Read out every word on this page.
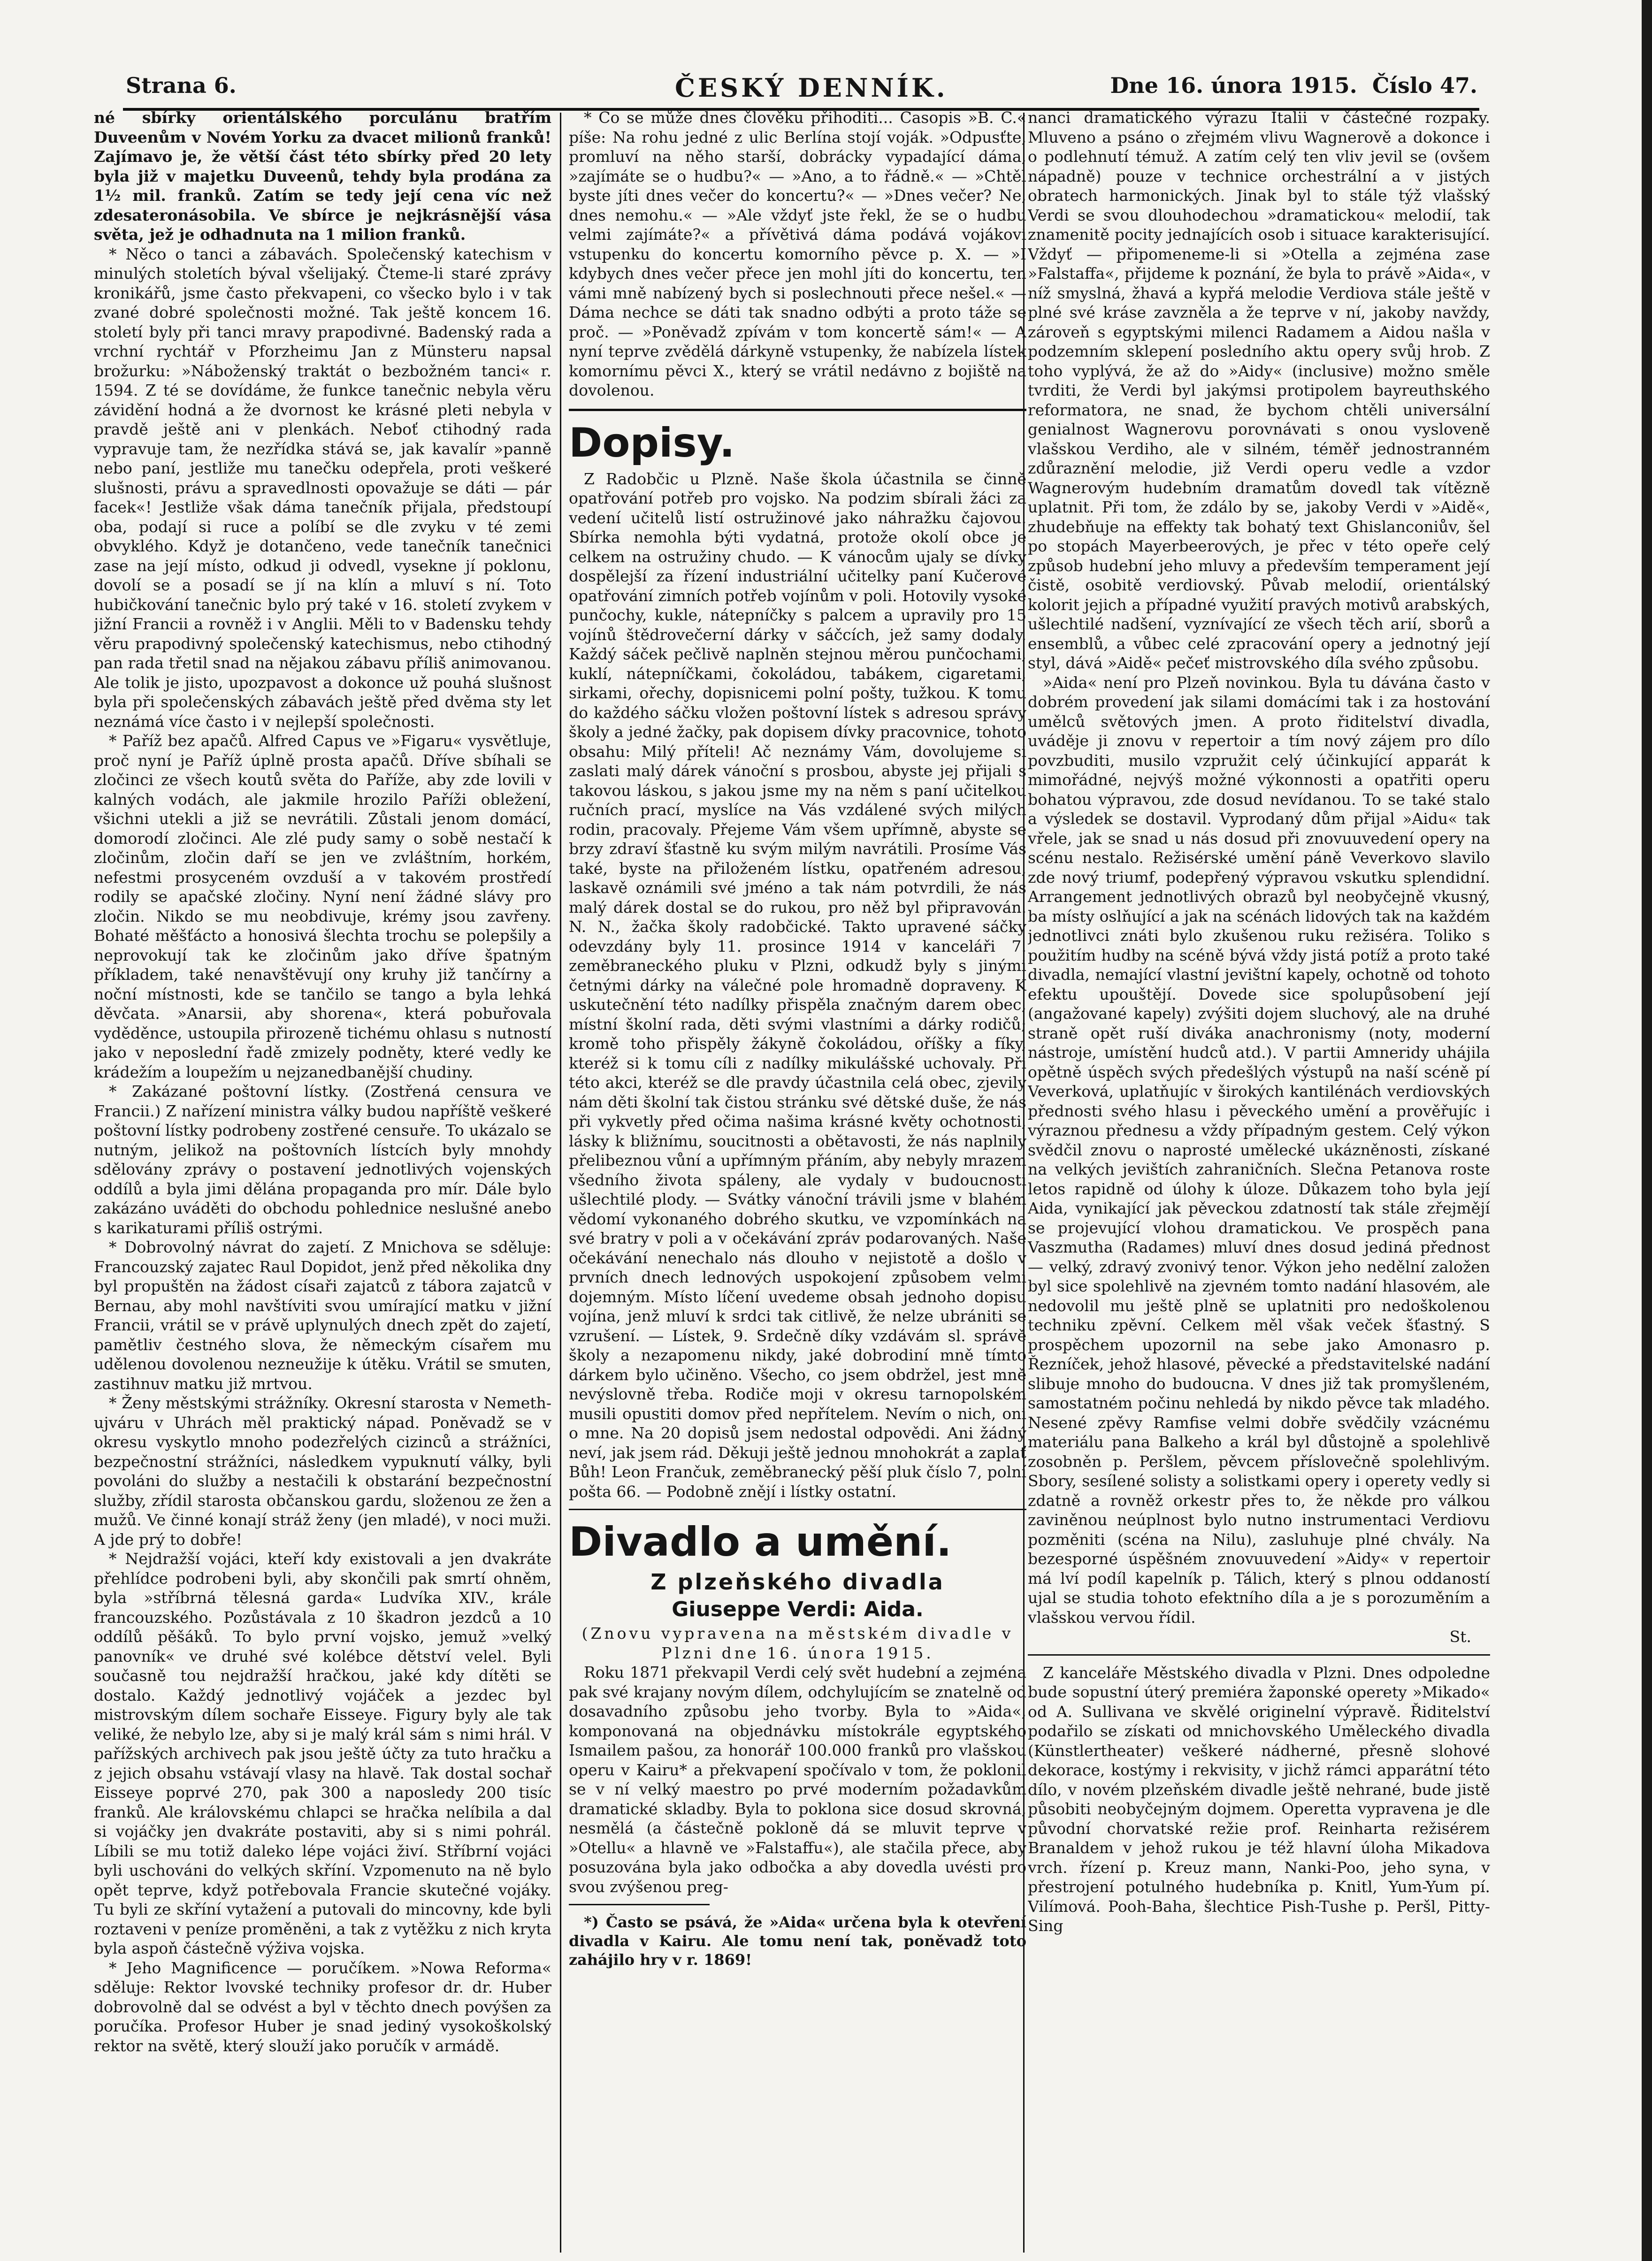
Strana 6.	ČESKÝ DENNÍK.	Dne 16. února 1915. Číslo 47.

né sbírky orientálského porculánu bratřím Duveenům v Novém Yorku za dvacet milionů franků! Zajímavo je, že větší část této sbírky před 20 lety byla již v majetku Duveenů, tehdy byla prodána za 1½ mil. franků. Zatím se tedy její cena víc než zdesateronásobila. Ve sbírce je nejkrásnější vása světa, jež je odhadnuta na 1 milion franků.

* Něco o tanci a zábavách. Společenský katechism v minulých stoletích býval všelijaký. Čteme-li staré zprávy kronikářů, jsme často překvapeni, co všecko bylo i v tak zvané dobré společnosti možné. Tak ještě koncem 16. století byly při tanci mravy prapodivné. Badenský rada a vrchní rychtář v Pforzheimu Jan z Münsteru napsal brožurku: »Náboženský traktát o bezbožném tanci« r. 1594. Z té se dovídáme, že funkce tanečnic nebyla věru závidění hodná a že dvornost ke krásné pleti nebyla v pravdě ještě ani v plenkách. Neboť ctihodný rada vypravuje tam, že nezřídka stává se, jak kavalír »panně nebo paní, jestliže mu tanečku odepřela, proti veškeré slušnosti, právu a spravedlnosti opovažuje se dáti — pár facek«! Jestliže však dáma tanečník přijala, předstoupí oba, podají si ruce a políbí se dle zvyku v té zemi obvyklého. Když je dotančeno, vede tanečník tanečnici zase na její místo, odkud ji odvedl, vysekne jí poklonu, dovolí se a posadí se jí na klín a mluví s ní. Toto hubičkování tanečnic bylo prý také v 16. století zvykem v jižní Francii a rovněž i v Anglii. Měli to v Badensku tehdy věru prapodivný společenský katechismus, nebo ctihodný pan rada třetil snad na nějakou zábavu příliš animovanou. Ale tolik je jisto, upozpavost a dokonce už pouhá slušnost byla při společenských zábavách ještě před dvěma sty let neznámá více často i v nejlepší společnosti.

* Paříž bez apačů. Alfred Capus ve »Figaru« vysvětluje, proč nyní je Paříž úplně prosta apačů. Dříve sbíhali se zločinci ze všech koutů světa do Paříže, aby zde lovili v kalných vodách, ale jakmile hrozilo Paříži obležení, všichni utekli a již se nevrátili. Zůstali jenom domácí, domorodí zločinci. Ale zlé pudy samy o sobě nestačí k zločinům, zločin daří se jen ve zvláštním, horkém, nefestmi prosyceném ovzduší a v takovém prostředí rodily se apačské zločiny. Nyní není žádné slávy pro zločin. Nikdo se mu neobdivuje, krémy jsou zavřeny. Bohaté měšťácto a honosivá šlechta trochu se polepšily a neprovokují tak ke zločinům jako dříve špatným příkladem, také nenavštěvují ony kruhy již tančírny a noční místnosti, kde se tančilo se tango a byla lehká děvčata. »Anarsii, aby shorena«, která pobuřovala vyděděnce, ustoupila přirozeně tichému ohlasu s nutností jako v neposlední řadě zmizely podněty, které vedly ke krádežím a loupežím u nejzanedbanější chudiny.

* Zakázané poštovní lístky. (Zostřená censura ve Francii.) Z nařízení ministra války budou napříště veškeré poštovní lístky podrobeny zostřené censuře. To ukázalo se nutným, jelikož na poštovních lístcích byly mnohdy sdělovány zprávy o postavení jednotlivých vojenských oddílů a byla jimi dělána propaganda pro mír. Dále bylo zakázáno uváděti do obchodu pohlednice neslušné anebo s karikaturami příliš ostrými.

* Dobrovolný návrat do zajetí. Z Mnichova se sděluje: Francouzský zajatec Raul Dopidot, jenž před několika dny byl propuštěn na žádost císaři zajatců z tábora zajatců v Bernau, aby mohl navštíviti svou umírající matku v jižní Francii, vrátil se v právě uplynulých dnech zpět do zajetí, pamětliv čestného slova, že německým císařem mu udělenou dovolenou nezneužije k útěku. Vrátil se smuten, zastihnuv matku již mrtvou.

* Ženy městskými strážníky. Okresní starosta v Nemeth-ujváru v Uhrách měl praktický nápad. Poněvadž se v okresu vyskytlo mnoho podezřelých cizinců a strážníci, bezpečnostní strážníci, následkem vypuknutí války, byli povoláni do služby a nestačili k obstarání bezpečnostní služby, zřídil starosta občanskou gardu, složenou ze žen a mužů. Ve činné konají stráž ženy (jen mladé), v noci muži. A jde prý to dobře!

* Nejdražší vojáci, kteří kdy existovali a jen dvakráte přehlídce podrobeni byli, aby skončili pak smrtí ohněm, byla »stříbrná tělesná garda« Ludvíka XIV., krále francouzského. Pozůstávala z 10 škadron jezdců a 10 oddílů pěšáků. To bylo první vojsko, jemuž »velký panovník« ve druhé své kolébce dětství velel. Byli současně tou nejdražší hračkou, jaké kdy dítěti se dostalo. Každý jednotlivý vojáček a jezdec byl mistrovským dílem sochaře Eisseye. Figury byly ale tak veliké, že nebylo lze, aby si je malý král sám s nimi hrál. V pařížských archivech pak jsou ještě účty za tuto hračku a z jejich obsahu vstávají vlasy na hlavě. Tak dostal sochař Eisseye poprvé 270, pak 300 a naposledy 200 tisíc franků. Ale královskému chlapci se hračka nelíbila a dal si vojáčky jen dvakráte postaviti, aby si s nimi pohrál. Líbili se mu totiž daleko lépe vojáci živí. Stříbrní vojáci byli uschováni do velkých skříní. Vzpomenuto na ně bylo opět teprve, když potřebovala Francie skutečné vojáky. Tu byli ze skříní vytažení a putovali do mincovny, kde byli roztaveni v peníze proměněni, a tak z vytěžku z nich kryta byla aspoň částečně výživa vojska.

* Jeho Magnificence — poručíkem. »Nowa Reforma« sděluje: Rektor lvovské techniky profesor dr. dr. Huber dobrovolně dal se odvést a byl v těchto dnech povýšen za poručíka. Profesor Huber je snad jediný vysokoškolský rektor na světě, který slouží jako poručík v armádě.

* Co se může dnes člověku přihoditi... Časopis »B. C.« píše: Na rohu jedné z ulic Berlína stojí voják. »Odpusťte, promluví na něho starší, dobrácky vypadající dáma, »zajímáte se o hudbu?« — »Ano, a to řádně.« — »Chtěl byste jíti dnes večer do koncertu?« — »Dnes večer? Ne, dnes nemohu.« — »Ale vždyť jste řekl, že se o hudbu velmi zajímáte?« a přívětivá dáma podává vojákovi vstupenku do koncertu komorního pěvce p. X. — »I kdybych dnes večer přece jen mohl jíti do koncertu, ten vámi mně nabízený bych si poslechnouti přece nešel.« — Dáma nechce se dáti tak snadno odbýti a proto táže se proč. — »Poněvadž zpívám v tom koncertě sám!« — A nyní teprve zvědělá dárkyně vstupenky, že nabízela lístek komornímu pěvci X., který se vrátil nedávno z bojiště na dovolenou.

Dopisy.

Z Radobčic u Plzně. Naše škola účastnila se činně opatřování potřeb pro vojsko. Na podzim sbírali žáci za vedení učitelů listí ostružinové jako náhražku čajovou. Sbírka nemohla býti vydatná, protože okolí obce je celkem na ostružiny chudo. — K vánocům ujaly se dívky dospělejší za řízení industriální učitelky paní Kučerové opatřování zimních potřeb vojínům v poli. Hotovily vysoké punčochy, kukle, nátepníčky s palcem a upravily pro 15 vojínů štědrovečerní dárky v sáčcích, jež samy dodaly. Každý sáček pečlivě naplněn stejnou měrou punčochami, kuklí, nátepníčkami, čokoládou, tabákem, cigaretami, sirkami, ořechy, dopisnicemi polní pošty, tužkou. K tomu do každého sáčku vložen poštovní lístek s adresou správy školy a jedné žačky, pak dopisem dívky pracovnice, tohoto obsahu: Milý příteli! Ač neznámy Vám, dovolujeme si zaslati malý dárek vánoční s prosbou, abyste jej přijali s takovou láskou, s jakou jsme my na něm s paní učitelkou ručních prací, myslíce na Vás vzdálené svých milých rodin, pracovaly. Přejeme Vám všem upřímně, abyste se brzy zdraví šťastně ku svým milým navrátili. Prosíme Vás také, byste na přiloženém lístku, opatřeném adresou, laskavě oznámili své jméno a tak nám potvrdili, že nás malý dárek dostal se do rukou, pro něž byl připravován. N. N., žačka školy radobčické. Takto upravené sáčky odevzdány byly 11. prosince 1914 v kanceláři 7. zeměbraneckého pluku v Plzni, odkudž byly s jinými četnými dárky na válečné pole hromadně dopraveny. K uskutečnění této nadílky přispěla značným darem obec, místní školní rada, děti svými vlastními a dárky rodičů; kromě toho přispěly žákyně čokoládou, oříšky a fíky, kteréž si k tomu cíli z nadílky mikulášské uchovaly. Při této akci, kteréž se dle pravdy účastnila celá obec, zjevily nám děti školní tak čistou stránku své dětské duše, že nás při vykvetly před očima našima krásné květy ochotnosti, lásky k bližnímu, soucitnosti a obětavosti, že nás naplnily přelibeznou vůní a upřímným přáním, aby nebyly mrazem všedního života spáleny, ale vydaly v budoucnosti ušlechtilé plody. — Svátky vánoční trávili jsme v blahém vědomí vykonaného dobrého skutku, ve vzpomínkách na své bratry v poli a v očekávání zpráv podarovaných. Naše očekávání nenechalo nás dlouho v nejistotě a došlo v prvních dnech lednových uspokojení způsobem velmi dojemným. Místo líčení uvedeme obsah jednoho dopisu vojína, jenž mluví k srdci tak citlivě, že nelze ubrániti se vzrušení. — Lístek, 9. Srdečně díky vzdávám sl. správě školy a nezapomenu nikdy, jaké dobrodiní mně tímto dárkem bylo učiněno. Všecho, co jsem obdržel, jest mně nevýslovně třeba. Rodiče moji v okresu tarnopolském musili opustiti domov před nepřítelem. Nevím o nich, oni o mne. Na 20 dopisů jsem nedostal odpovědi. Ani žádný neví, jak jsem rád. Děkuji ještě jednou mnohokrát a zaplať Bůh! Leon Frančuk, zeměbranecký pěší pluk číslo 7, polní pošta 66. — Podobně znějí i lístky ostatní.

Divadlo a umění.
Z plzeňského divadla
Giuseppe Verdi: Aida.

(Znovu vypravena na městském divadle v Plzni dne 16. února 1915.

Roku 1871 překvapil Verdi celý svět hudební a zejména pak své krajany novým dílem, odchylujícím se znatelně od dosavadního způsobu jeho tvorby. Byla to »Aida«, komponovaná na objednávku místokrále egyptského Ismailem pašou, za honorář 100.000 franků pro vlašskou operu v Kairu* a překvapení spočívalo v tom, že poklonil se v ní velký maestro po prvé moderním požadavkům dramatické skladby. Byla to poklona sice dosud skrovná, nesmělá (a částečně pokloně dá se mluvit teprve v »Otellu« a hlavně ve »Falstaffu«), ale stačila přece, aby posuzována byla jako odbočka a aby dovedla uvésti pro svou zvýšenou preg-

*) Často se psává, že »Aida« určena byla k otevření divadla v Kairu. Ale tomu není tak, poněvadž toto zahájilo hry v r. 1869!

nanci dramatického výrazu Italii v částečné rozpaky. Mluveno a psáno o zřejmém vlivu Wagnerově a dokonce i o podlehnutí témuž. A zatím celý ten vliv jevil se (ovšem nápadně) pouze v technice orchestrální a v jistých obratech harmonických. Jinak byl to stále týž vlašský Verdi se svou dlouhodechou »dramatickou« melodií, tak znamenitě pocity jednajících osob i situace karakterisující. Vždyť — připomeneme-li si »Otella a zejména zase »Falstaffa«, přijdeme k poznání, že byla to právě »Aida«, v níž smyslná, žhavá a kypřá melodie Verdiova stále ještě v plné své kráse zavzněla a že teprve v ní, jakoby navždy, zároveň s egyptskými milenci Radamem a Aidou našla v podzemním sklepení posledního aktu opery svůj hrob. Z toho vyplývá, že až do »Aidy« (inclusive) možno směle tvrditi, že Verdi byl jakýmsi protipolem bayreuthského reformatora, ne snad, že bychom chtěli universální genialnost Wagnerovu porovnávati s onou vysloveně vlašskou Verdiho, ale v silném, téměř jednostranném zdůraznění melodie, již Verdi operu vedle a vzdor Wagnerovým hudebním dramatům dovedl tak vítězně uplatnit. Při tom, že zdálo by se, jakoby Verdi v »Aidě«, zhudebňuje na effekty tak bohatý text Ghislanconiův, šel po stopách Mayerbeerových, je přec v této opeře celý způsob hudební jeho mluvy a především temperament její čistě, osobitě verdiovský. Půvab melodií, orientálský kolorit jejich a případné využití pravých motivů arabských, ušlechtilé nadšení, vyznívající ze všech těch arií, sborů a ensemblů, a vůbec celé zpracování opery a jednotný její styl, dává »Aidě« pečeť mistrovského díla svého způsobu.

»Aida« není pro Plzeň novinkou. Byla tu dávána často v dobrém provedení jak silami domácími tak i za hostování umělců světových jmen. A proto řiditelství divadla, uváděje ji znovu v repertoir a tím nový zájem pro dílo povzbuditi, musilo vzpružit celý účinkující apparát k mimořádné, nejvýš možné výkonnosti a opatřiti operu bohatou výpravou, zde dosud nevídanou. To se také stalo a výsledek se dostavil. Vyprodaný dům přijal »Aidu« tak vřele, jak se snad u nás dosud při znovuuvedení opery na scénu nestalo. Režisérské umění páně Veverkovo slavilo zde nový triumf, podepřený výpravou vskutku splendidní. Arrangement jednotlivých obrazů byl neobyčejně vkusný, ba místy oslňující a jak na scénách lidových tak na každém jednotlivci znáti bylo zkušenou ruku režiséra. Toliko s použitím hudby na scéně bývá vždy jistá potíž a proto také divadla, nemající vlastní jevištní kapely, ochotně od tohoto efektu upouštějí. Dovede sice spolupůsobení její (angažované kapely) zvýšiti dojem sluchový, ale na druhé straně opět ruší diváka anachronismy (noty, moderní nástroje, umístění hudců atd.). V partii Amneridy uhájila opětně úspěch svých předešlých výstupů na naší scéně pí Veverková, uplatňujíc v širokých kantilénách verdiovských přednosti svého hlasu i pěveckého umění a prověřujíc i výraznou přednesu a vždy případným gestem. Celý výkon svědčil znovu o naprosté umělecké ukázněnosti, získané na velkých jevištích zahraničních. Slečna Petanova roste letos rapidně od úlohy k úloze. Důkazem toho byla její Aida, vynikající jak pěveckou zdatností tak stále zřejmějí se projevující vlohou dramatickou. Ve prospěch pana Vaszmutha (Radames) mluví dnes dosud jediná přednost — velký, zdravý zvonivý tenor. Výkon jeho nedělní založen byl sice spolehlivě na zjevném tomto nadání hlasovém, ale nedovolil mu ještě plně se uplatniti pro nedoškolenou techniku zpěvní. Celkem měl však veček šťastný. S prospěchem upozornil na sebe jako Amonasro p. Řezníček, jehož hlasové, pěvecké a představitelské nadání slibuje mnoho do budoucna. V dnes již tak promyšleném, samostatném počinu nehledá by nikdo pěvce tak mladého. Nesené zpěvy Ramfise velmi dobře svědčily vzácnému materiálu pana Balkeho a král byl důstojně a spolehlivě zosobněn p. Peršlem, pěvcem příslovečně spolehlivým. Sbory, sesílené solisty a solistkami opery i operety vedly si zdatně a rovněž orkestr přes to, že někde pro válkou zaviněnou neúplnost bylo nutno instrumentaci Verdiovu pozměniti (scéna na Nilu), zasluhuje plné chvály. Na bezesporné úspěšném znovuuvedení »Aidy« v repertoir má lví podíl kapelník p. Tálich, který s plnou oddaností ujal se studia tohoto efektního díla a je s porozuměním a vlašskou vervou řídil.

St.

Z kanceláře Městského divadla v Plzni. Dnes odpoledne bude sopustní úterý premiéra žaponské operety »Mikado« od A. Sullivana ve skvělé originelní výpravě. Řiditelství podařilo se získati od mnichovského Uměleckého divadla (Künstlertheater) veškeré nádherné, přesně slohové dekorace, kostýmy i rekvisity, v jichž rámci apparátní této dílo, v novém plzeňském divadle ještě nehrané, bude jistě působiti neobyčejným dojmem. Operetta vypravena je dle původní chorvatské režie prof. Reinharta režisérem Branaldem v jehož rukou je též hlavní úloha Mikadova vrch. řízení p. Kreuz mann, Nanki-Poo, jeho syna, v přestrojení potulného hudebníka p. Knitl, Yum-Yum pí. Vilímová. Pooh-Baha, šlechtice Pish-Tushe p. Peršl, Pitty-Sing
